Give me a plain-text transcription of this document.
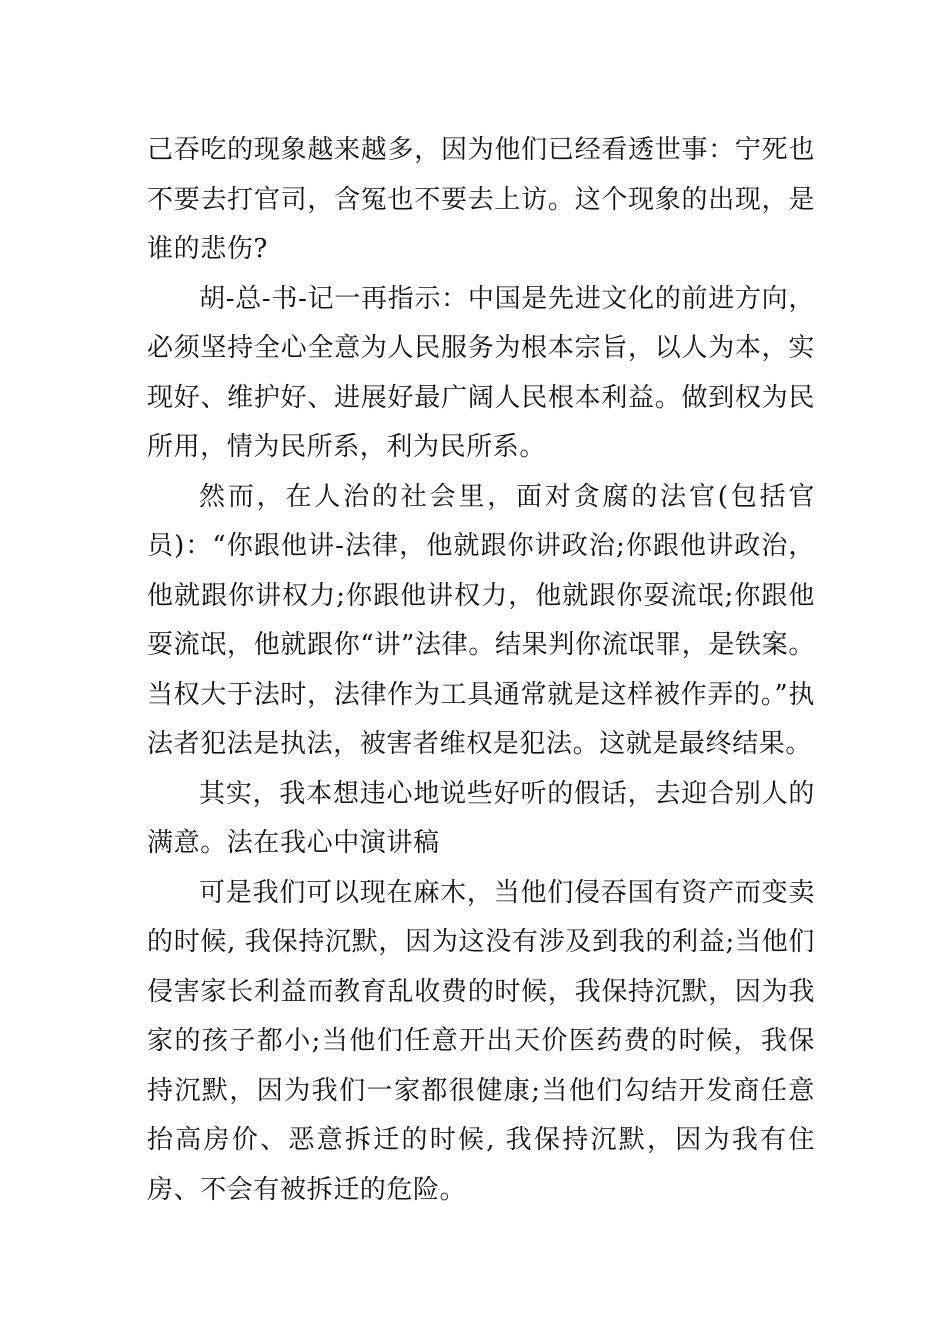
己吞吃的现象越来越多，因为他们已经看透世事：宁死也不要去打官司，含冤也不要去上访。这个现象的出现，是谁的悲伤?

胡-总-书-记一再指示：中国是先进文化的前进方向，必须坚持全心全意为人民服务为根本宗旨，以人为本，实现好、维护好、进展好最广阔人民根本利益。做到权为民所用，情为民所系，利为民所系。

然而，在人治的社会里，面对贪腐的法官(包括官员)：“你跟他讲-法律，他就跟你讲政治;你跟他讲政治，他就跟你讲权力;你跟他讲权力，他就跟你耍流氓;你跟他耍流氓，他就跟你“讲”法律。结果判你流氓罪，是铁案。当权大于法时，法律作为工具通常就是这样被作弄的。”执法者犯法是执法，被害者维权是犯法。这就是最终结果。

其实，我本想违心地说些好听的假话，去迎合别人的满意。法在我心中演讲稿

可是我们可以现在麻木，当他们侵吞国有资产而变卖的时候, 我保持沉默，因为这没有涉及到我的利益;当他们侵害家长利益而教育乱收费的时候，我保持沉默，因为我家的孩子都小;当他们任意开出天价医药费的时候，我保持沉默，因为我们一家都很健康;当他们勾结开发商任意抬高房价、恶意拆迁的时候, 我保持沉默，因为我有住房、不会有被拆迁的危险。
